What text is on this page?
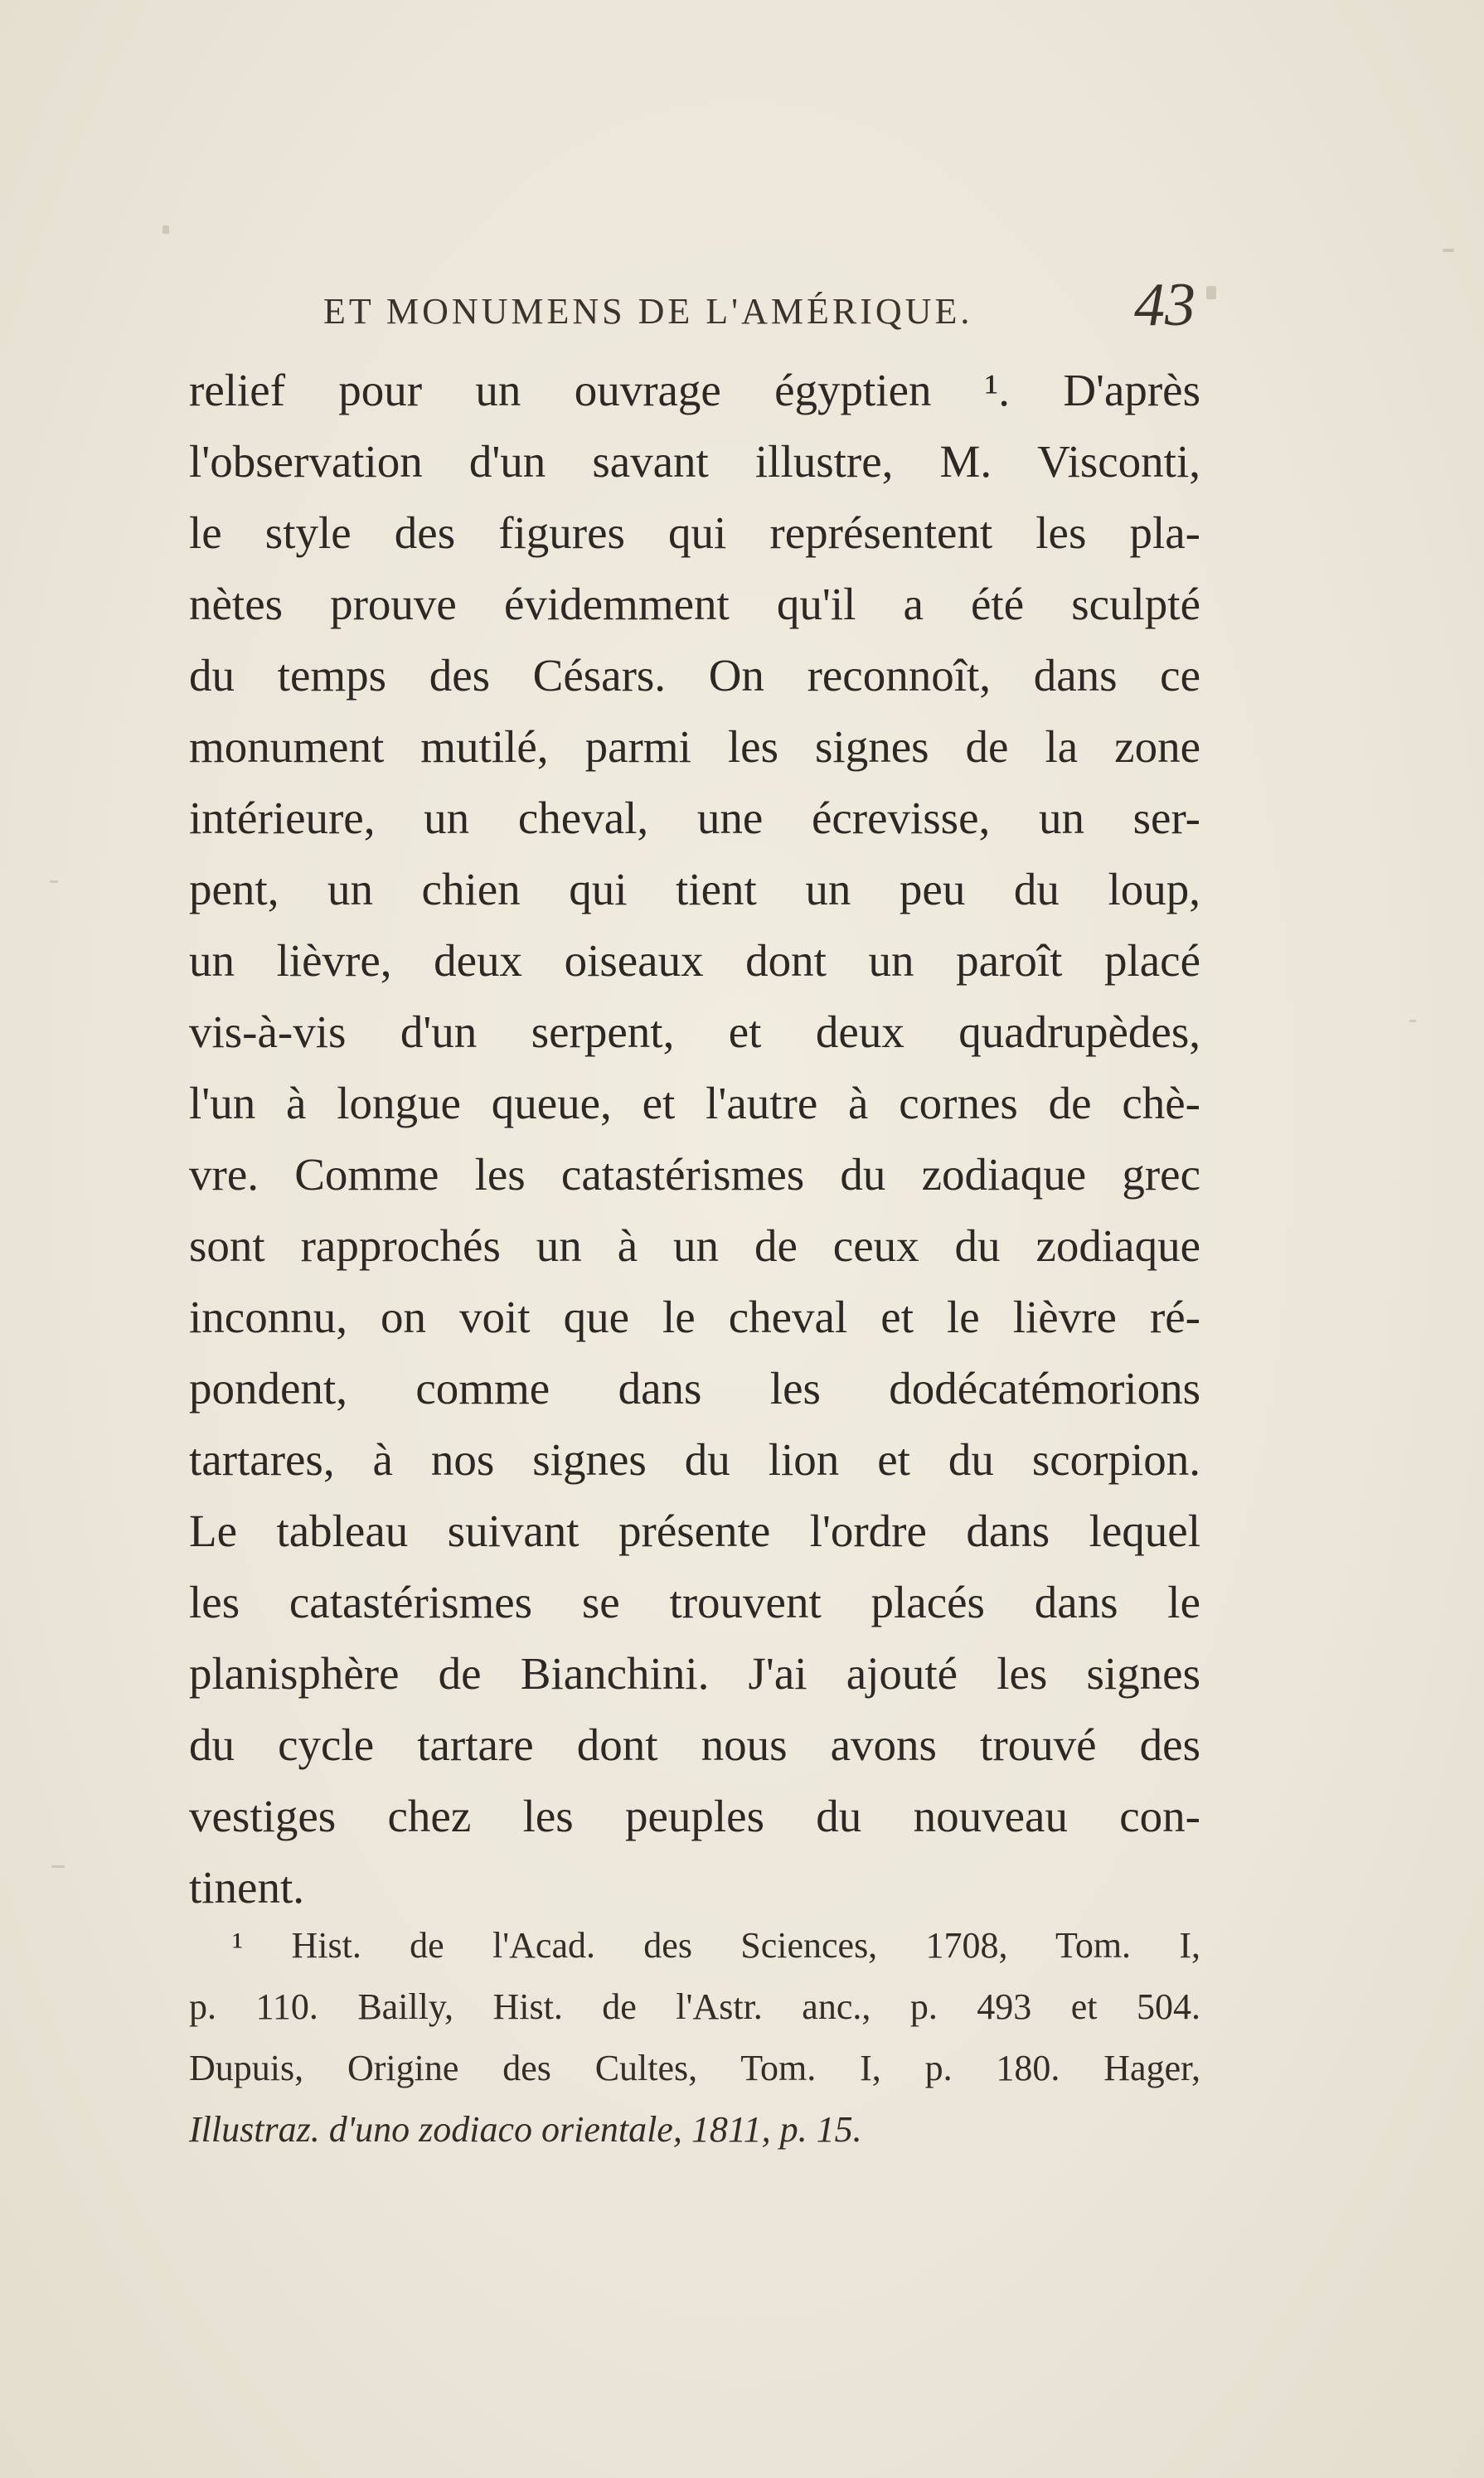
ET MONUMENS DE L'AMÉRIQUE.	43
relief pour un ouvrage égyptien ¹. D'après
l'observation d'un savant illustre, M. Visconti,
le style des figures qui représentent les pla-
nètes prouve évidemment qu'il a été sculpté
du temps des Césars. On reconnoît, dans ce
monument mutilé, parmi les signes de la zone
intérieure, un cheval, une écrevisse, un ser-
pent, un chien qui tient un peu du loup,
un lièvre, deux oiseaux dont un paroît placé
vis-à-vis d'un serpent, et deux quadrupèdes,
l'un à longue queue, et l'autre à cornes de chè-
vre. Comme les catastérismes du zodiaque grec
sont rapprochés un à un de ceux du zodiaque
inconnu, on voit que le cheval et le lièvre ré-
pondent, comme dans les dodécatémorions
tartares, à nos signes du lion et du scorpion.
Le tableau suivant présente l'ordre dans lequel
les catastérismes se trouvent placés dans le
planisphère de Bianchini. J'ai ajouté les signes
du cycle tartare dont nous avons trouvé des
vestiges chez les peuples du nouveau con-
tinent.
¹ Hist. de l'Acad. des Sciences, 1708, Tom. I,
p. 110. Bailly, Hist. de l'Astr. anc., p. 493 et 504.
Dupuis, Origine des Cultes, Tom. I, p. 180. Hager,
Illustraz. d'uno zodiaco orientale, 1811, p. 15.
